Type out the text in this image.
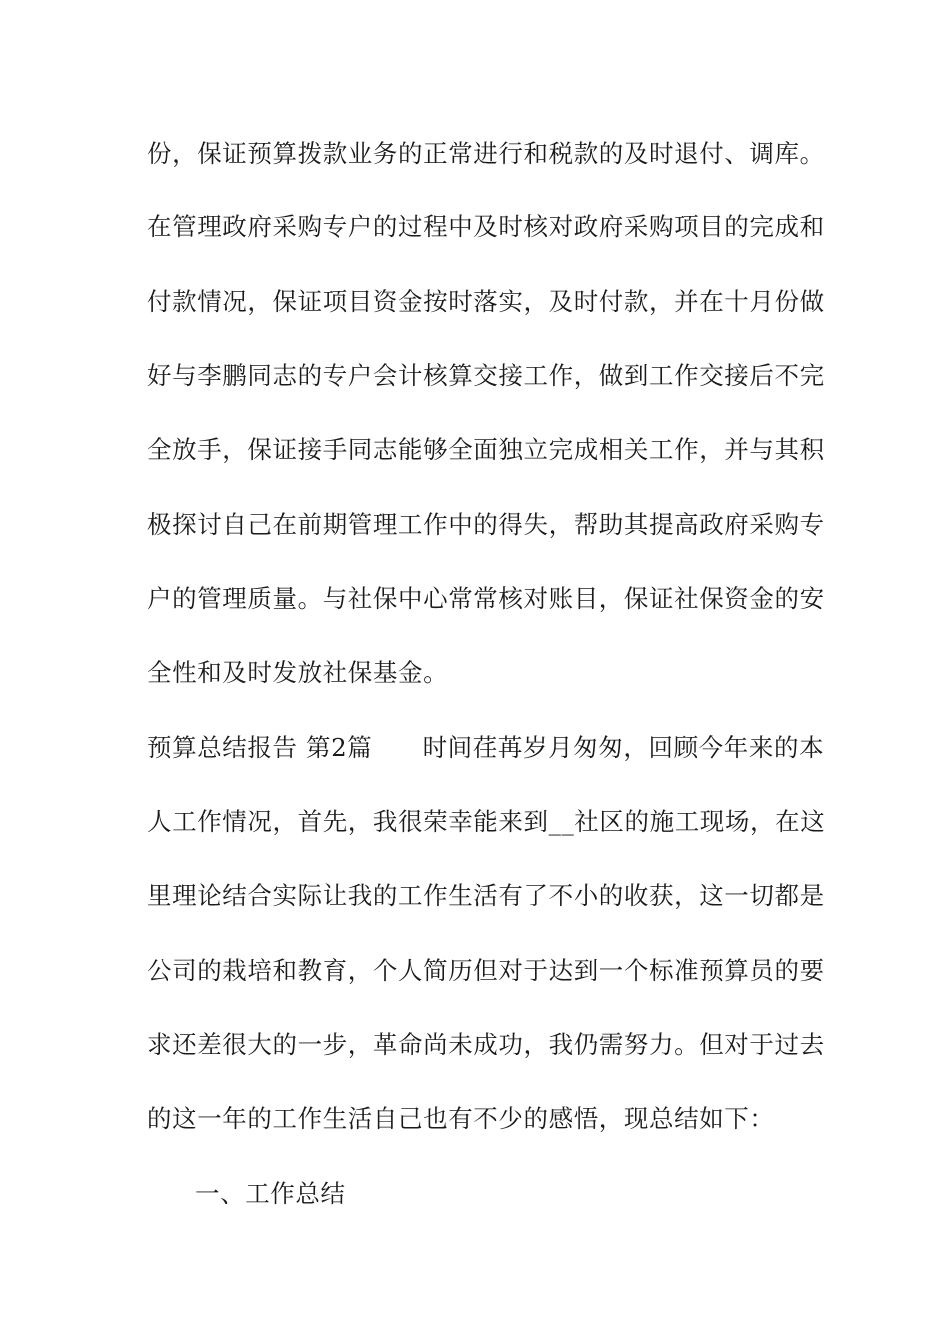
份，保证预算拨款业务的正常进行和税款的及时退付、调库。
在管理政府采购专户的过程中及时核对政府采购项目的完成和
付款情况，保证项目资金按时落实，及时付款，并在十月份做
好与李鹏同志的专户会计核算交接工作，做到工作交接后不完
全放手，保证接手同志能够全面独立完成相关工作，并与其积
极探讨自己在前期管理工作中的得失，帮助其提高政府采购专
户的管理质量。与社保中心常常核对账目，保证社保资金的安
全性和及时发放社保基金。
预算总结报告 第2篇　　时间荏苒岁月匆匆，回顾今年来的本
人工作情况，首先，我很荣幸能来到__社区的施工现场，在这
里理论结合实际让我的工作生活有了不小的收获，这一切都是
公司的栽培和教育，个人简历但对于达到一个标准预算员的要
求还差很大的一步，革命尚未成功，我仍需努力。但对于过去
的这一年的工作生活自己也有不少的感悟，现总结如下：
一、工作总结
